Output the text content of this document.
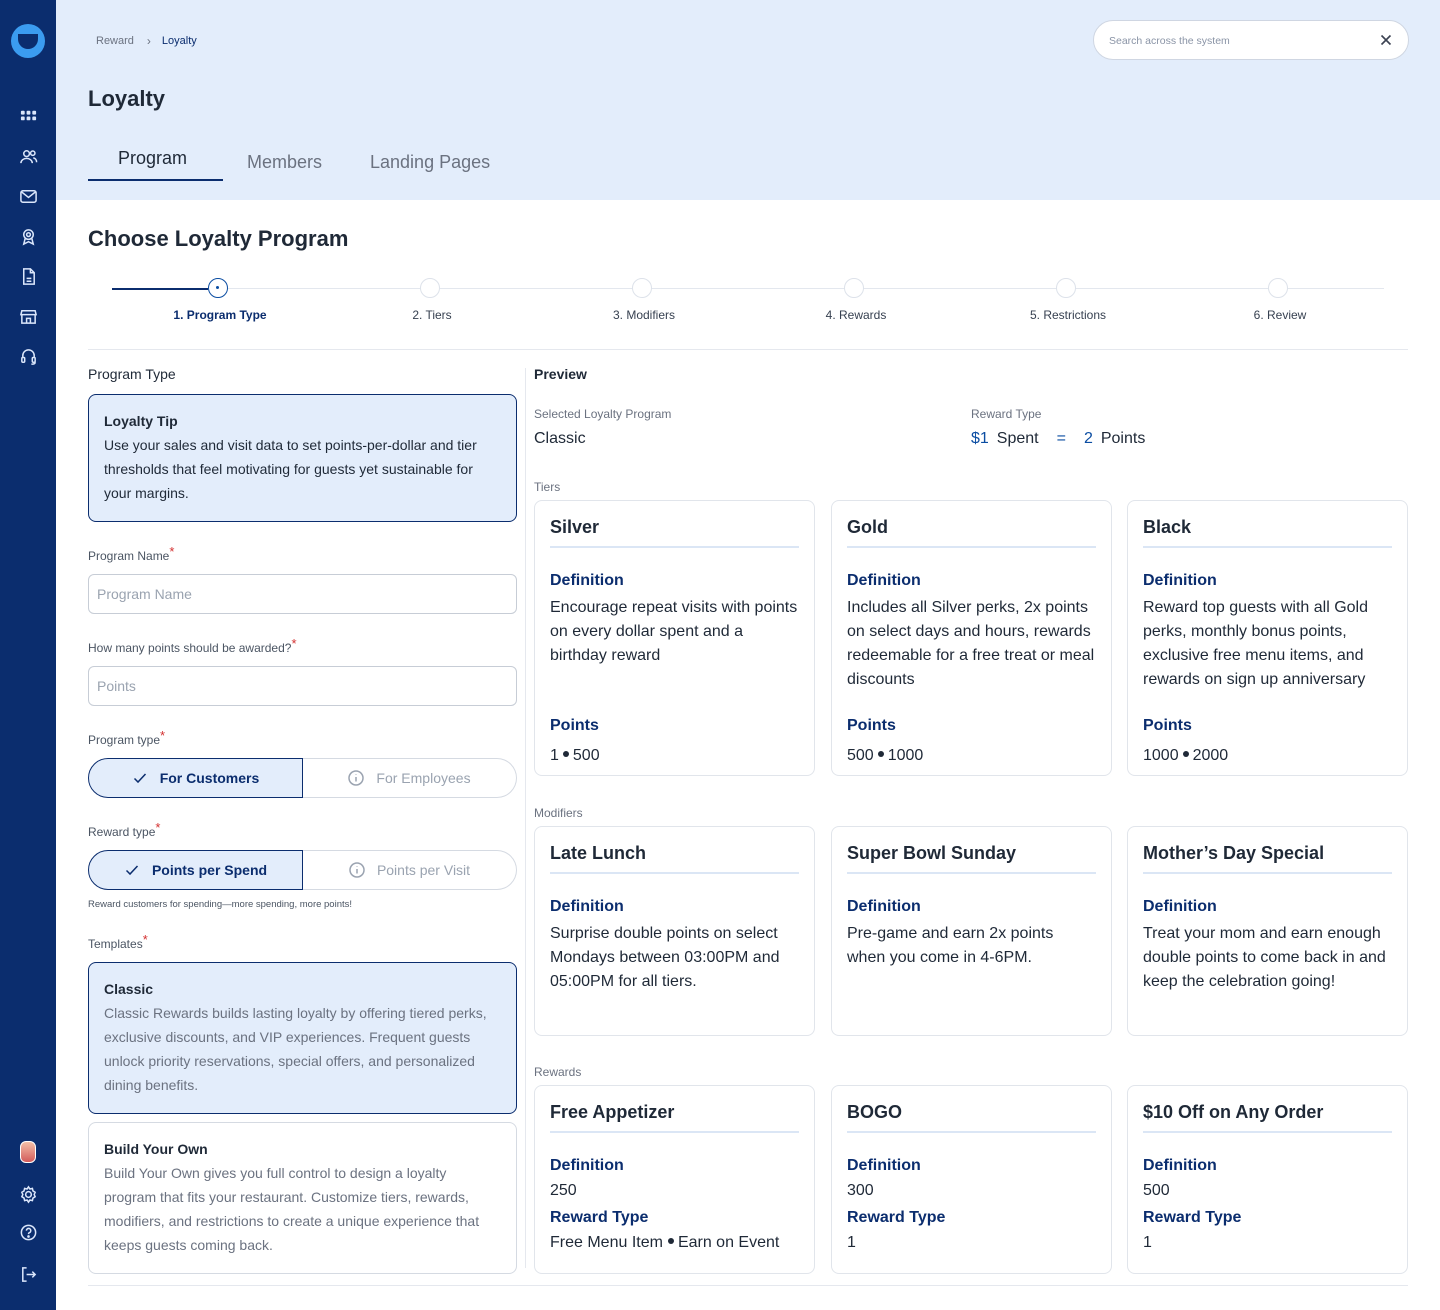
Reward › Loyalty
Search across the system
Loyalty
Program	Members	Landing Pages
Choose Loyalty Program
1. Program Type	2. Tiers	3. Modifiers	4. Rewards	5. Restrictions	6. Review
Program Type
Loyalty Tip
Use your sales and visit data to set points-per-dollar and tier thresholds that feel motivating for guests yet sustainable for your margins.
Program Name*
Program Name
How many points should be awarded?*
Points
Program type*
For Customers	For Employees
Reward type*
Points per Spend	Points per Visit
Reward customers for spending—more spending, more points!
Templates*
Classic
Classic Rewards builds lasting loyalty by offering tiered perks, exclusive discounts, and VIP experiences. Frequent guests unlock priority reservations, special offers, and personalized dining benefits.
Build Your Own
Build Your Own gives you full control to design a loyalty program that fits your restaurant. Customize tiers, rewards, modifiers, and restrictions to create a unique experience that keeps guests coming back.
Preview
Selected Loyalty Program
Classic
Reward Type
$1 Spent = 2 Points
Tiers
Silver
Definition
Encourage repeat visits with points on every dollar spent and a birthday reward
Points
1 500
Gold
Definition
Includes all Silver perks, 2x points on select days and hours, rewards redeemable for a free treat or meal discounts
Points
500 1000
Black
Definition
Reward top guests with all Gold perks, monthly bonus points, exclusive free menu items, and rewards on sign up anniversary
Points
1000 2000
Modifiers
Late Lunch
Definition
Surprise double points on select Mondays between 03:00PM and 05:00PM for all tiers.
Super Bowl Sunday
Definition
Pre-game and earn 2x points when you come in 4-6PM.
Mother’s Day Special
Definition
Treat your mom and earn enough double points to come back in and keep the celebration going!
Rewards
Free Appetizer
Definition
250
Reward Type
Free Menu Item Earn on Event
BOGO
Definition
300
Reward Type
1
$10 Off on Any Order
Definition
500
Reward Type
1
